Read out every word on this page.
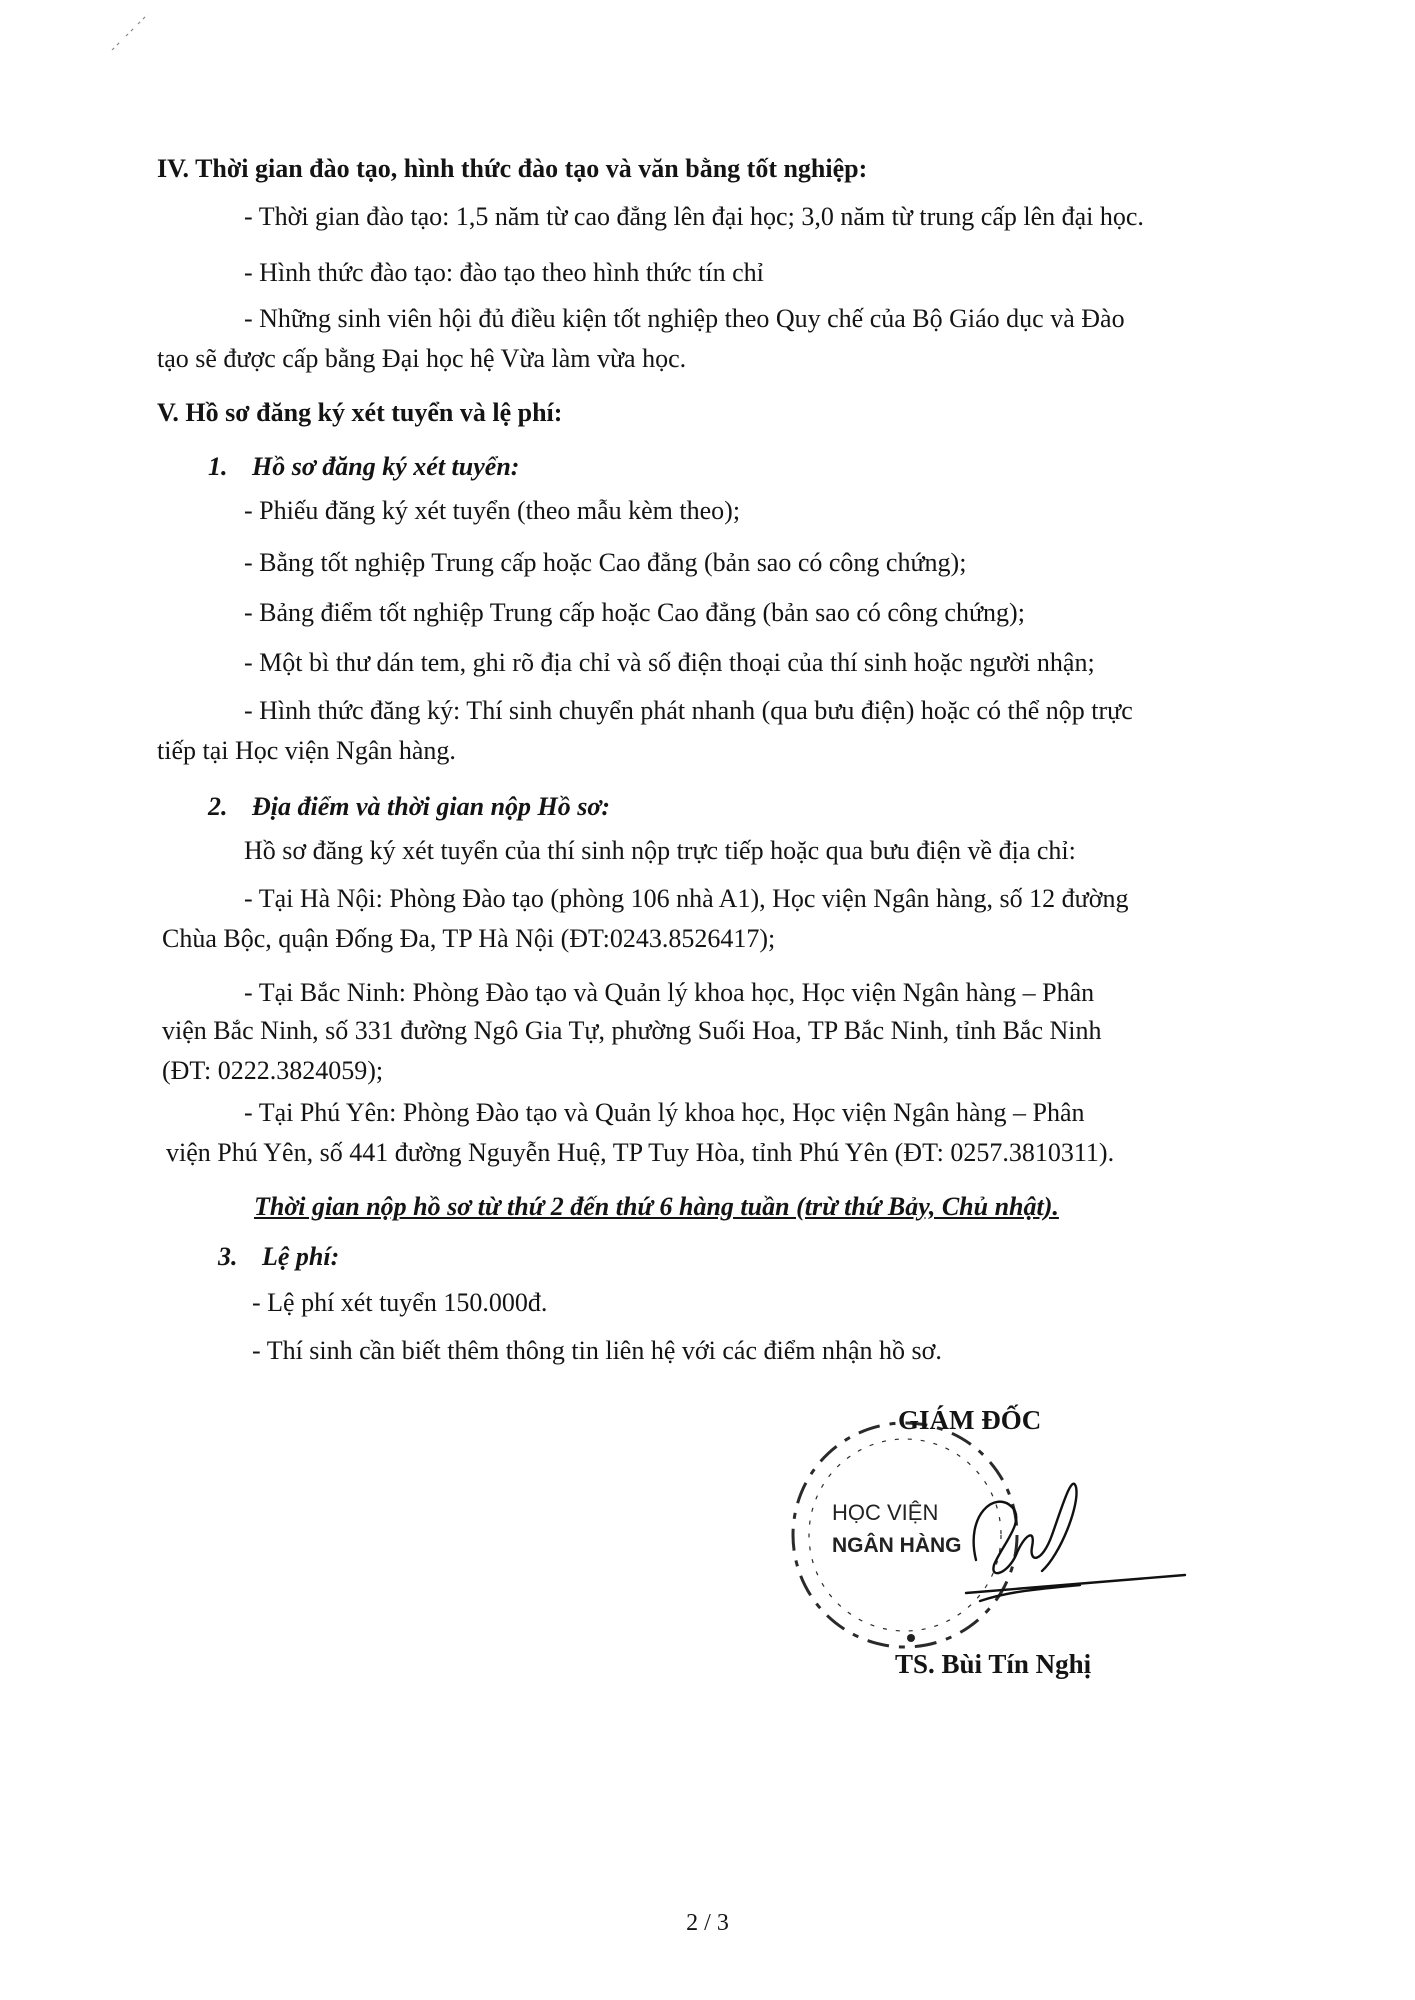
IV. Thời gian đào tạo, hình thức đào tạo và văn bằng tốt nghiệp:
- Thời gian đào tạo: 1,5 năm từ cao đẳng lên đại học; 3,0 năm từ trung cấp lên đại học.
- Hình thức đào tạo: đào tạo theo hình thức tín chỉ
- Những sinh viên hội đủ điều kiện tốt nghiệp theo Quy chế của Bộ Giáo dục và Đào
tạo sẽ được cấp bằng Đại học hệ Vừa làm vừa học.
V. Hồ sơ đăng ký xét tuyển và lệ phí:
1. Hồ sơ đăng ký xét tuyển:
- Phiếu đăng ký xét tuyển (theo mẫu kèm theo);
- Bằng tốt nghiệp Trung cấp hoặc Cao đẳng (bản sao có công chứng);
- Bảng điểm tốt nghiệp Trung cấp hoặc Cao đẳng (bản sao có công chứng);
- Một bì thư dán tem, ghi rõ địa chỉ và số điện thoại của thí sinh hoặc người nhận;
- Hình thức đăng ký: Thí sinh chuyển phát nhanh (qua bưu điện) hoặc có thể nộp trực
tiếp tại Học viện Ngân hàng.
2. Địa điểm và thời gian nộp Hồ sơ:
Hồ sơ đăng ký xét tuyển của thí sinh nộp trực tiếp hoặc qua bưu điện về địa chỉ:
- Tại Hà Nội: Phòng Đào tạo (phòng 106 nhà A1), Học viện Ngân hàng, số 12 đường
Chùa Bộc, quận Đống Đa, TP Hà Nội (ĐT:0243.8526417);
- Tại Bắc Ninh: Phòng Đào tạo và Quản lý khoa học, Học viện Ngân hàng – Phân
viện Bắc Ninh, số 331 đường Ngô Gia Tự, phường Suối Hoa, TP Bắc Ninh, tỉnh Bắc Ninh
(ĐT: 0222.3824059);
- Tại Phú Yên: Phòng Đào tạo và Quản lý khoa học, Học viện Ngân hàng – Phân
viện Phú Yên, số 441 đường Nguyễn Huệ, TP Tuy Hòa, tỉnh Phú Yên (ĐT: 0257.3810311).
Thời gian nộp hồ sơ từ thứ 2 đến thứ 6 hàng tuần (trừ thứ Bảy, Chủ nhật).
3. Lệ phí:
- Lệ phí xét tuyển 150.000đ.
- Thí sinh cần biết thêm thông tin liên hệ với các điểm nhận hồ sơ.
HỌC VIỆN
NGÂN HÀNG
GIÁM ĐỐC
TS. Bùi Tín Nghị
2 / 3
